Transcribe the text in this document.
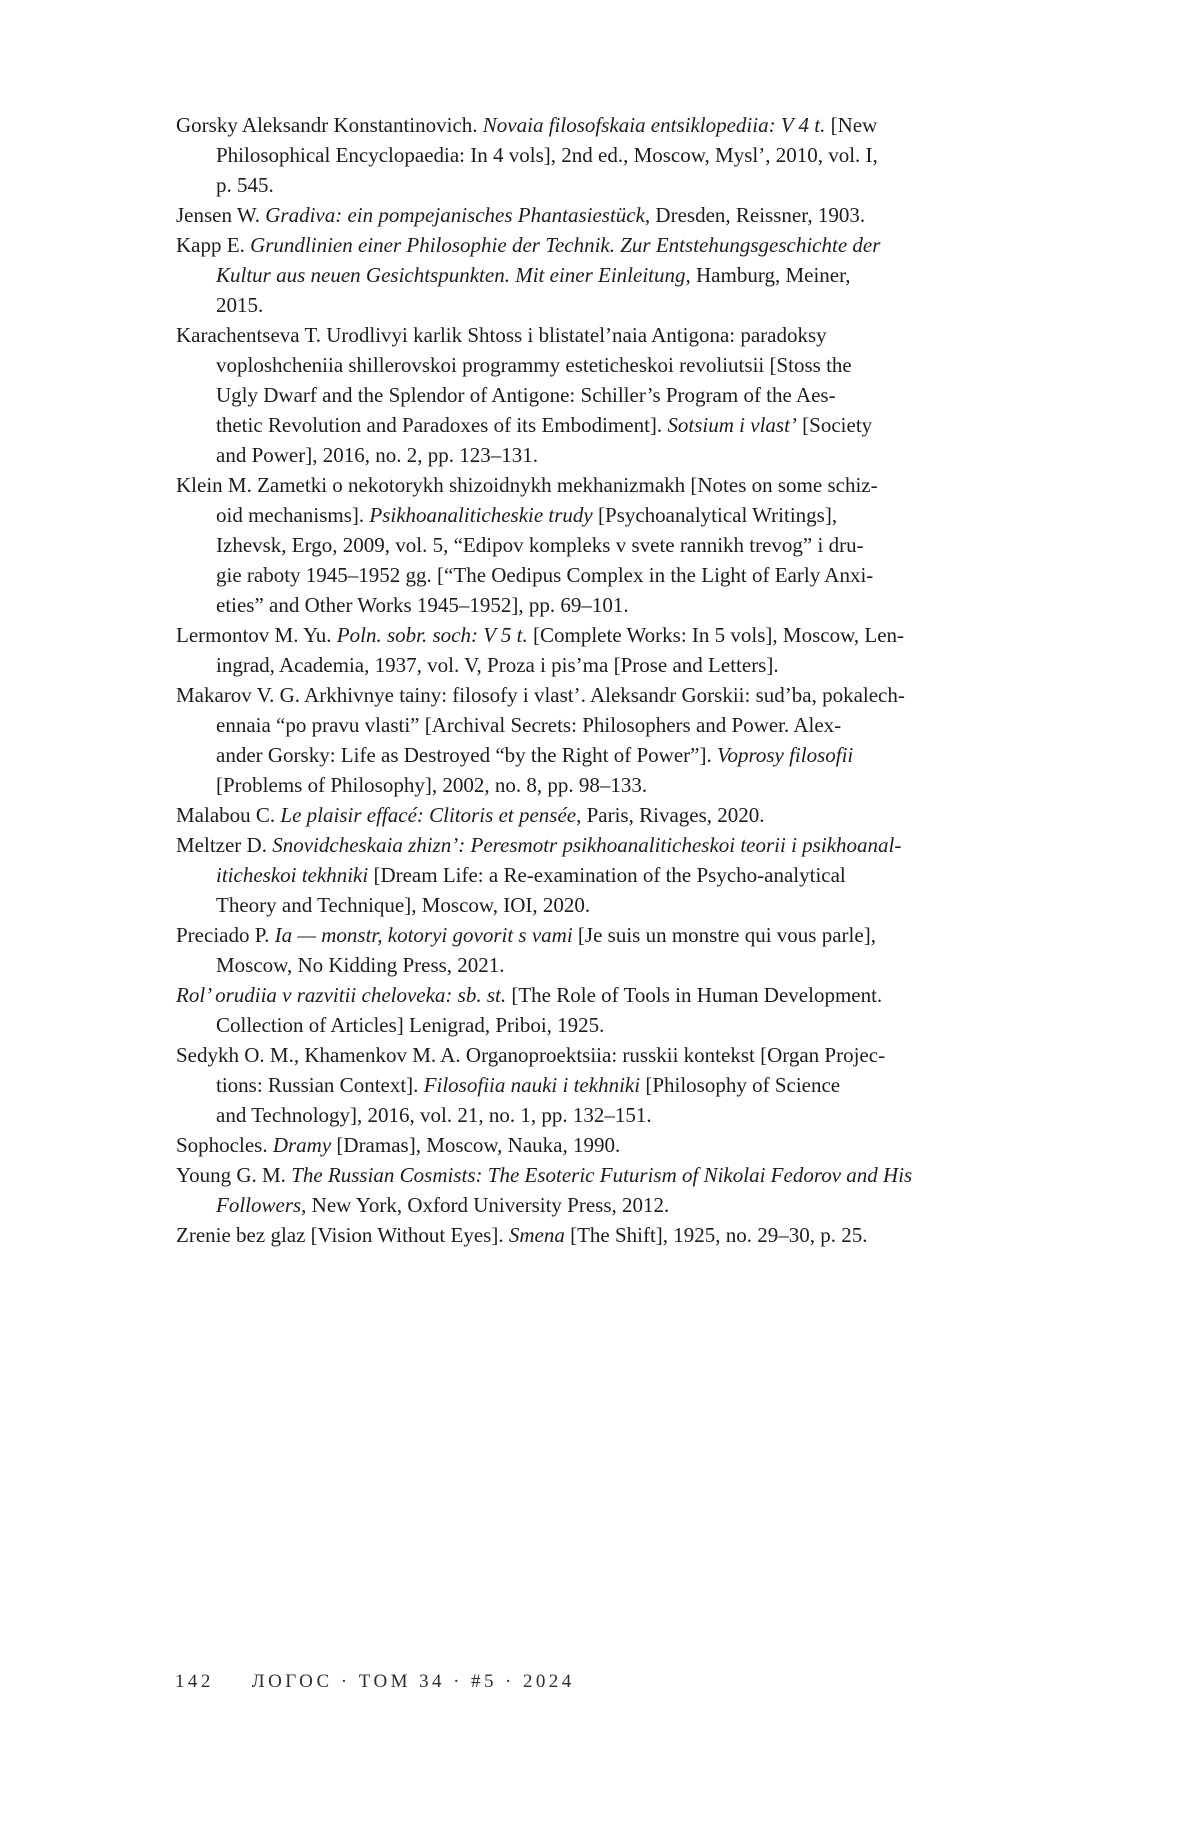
Gorsky Aleksandr Konstantinovich. Novaia filosofskaia entsiklopediia: V 4 t. [New
Philosophical Encyclopaedia: In 4 vols], 2nd ed., Moscow, Mysl’, 2010, vol. I,
p. 545.
Jensen W. Gradiva: ein pompejanisches Phantasiestück, Dresden, Reissner, 1903.
Kapp E. Grundlinien einer Philosophie der Technik. Zur Entstehungsgeschichte der
Kultur aus neuen Gesichtspunkten. Mit einer Einleitung, Hamburg, Meiner,
2015.
Karachentseva T. Urodlivyi karlik Shtoss i blistatel’naia Antigona: paradoksy
voploshcheniia shillerovskoi programmy esteticheskoi revoliutsii [Stoss the
Ugly Dwarf and the Splendor of Antigone: Schiller’s Program of the Aes-
thetic Revolution and Paradoxes of its Embodiment]. Sotsium i vlast’ [Society
and Power], 2016, no. 2, pp. 123–131.
Klein M. Zametki o nekotorykh shizoidnykh mekhanizmakh [Notes on some schiz-
oid mechanisms]. Psikhoanaliticheskie trudy [Psychoanalytical Writings],
Izhevsk, Ergo, 2009, vol. 5, “Edipov kompleks v svete rannikh trevog” i dru-
gie raboty 1945–1952 gg. [“The Oedipus Complex in the Light of Early Anxi-
eties” and Other Works 1945–1952], pp. 69–101.
Lermontov M. Yu. Poln. sobr. soch: V 5 t. [Complete Works: In 5 vols], Moscow, Len-
ingrad, Academia, 1937, vol. V, Proza i pis’ma [Prose and Letters].
Makarov V. G. Arkhivnye tainy: filosofy i vlast’. Aleksandr Gorskii: sud’ba, pokalech-
ennaia “po pravu vlasti” [Archival Secrets: Philosophers and Power. Alex-
ander Gorsky: Life as Destroyed “by the Right of Power”]. Voprosy filosofii
[Problems of Philosophy], 2002, no. 8, pp. 98–133.
Malabou C. Le plaisir effacé: Clitoris et pensée, Paris, Rivages, 2020.
Meltzer D. Snovidcheskaia zhizn’: Peresmotr psikhoanaliticheskoi teorii i psikhoanal-
iticheskoi tekhniki [Dream Life: a Re-examination of the Psycho-analytical
Theory and Technique], Moscow, IOI, 2020.
Preciado P. Ia — monstr, kotoryi govorit s vami [Je suis un monstre qui vous parle],
Moscow, No Kidding Press, 2021.
Rol’ orudiia v razvitii cheloveka: sb. st. [The Role of Tools in Human Development.
Collection of Articles] Lenigrad, Priboi, 1925.
Sedykh O. M., Khamenkov M. A. Organoproektsiia: russkii kontekst [Organ Projec-
tions: Russian Context]. Filosofiia nauki i tekhniki [Philosophy of Science
and Technology], 2016, vol. 21, no. 1, pp. 132–151.
Sophocles. Dramy [Dramas], Moscow, Nauka, 1990.
Young G. M. The Russian Cosmists: The Esoteric Futurism of Nikolai Fedorov and His
Followers, New York, Oxford University Press, 2012.
Zrenie bez glaz [Vision Without Eyes]. Smena [The Shift], 1925, no. 29–30, p. 25.
142 ЛОГОС · ТОМ 34 · #5 · 2024
